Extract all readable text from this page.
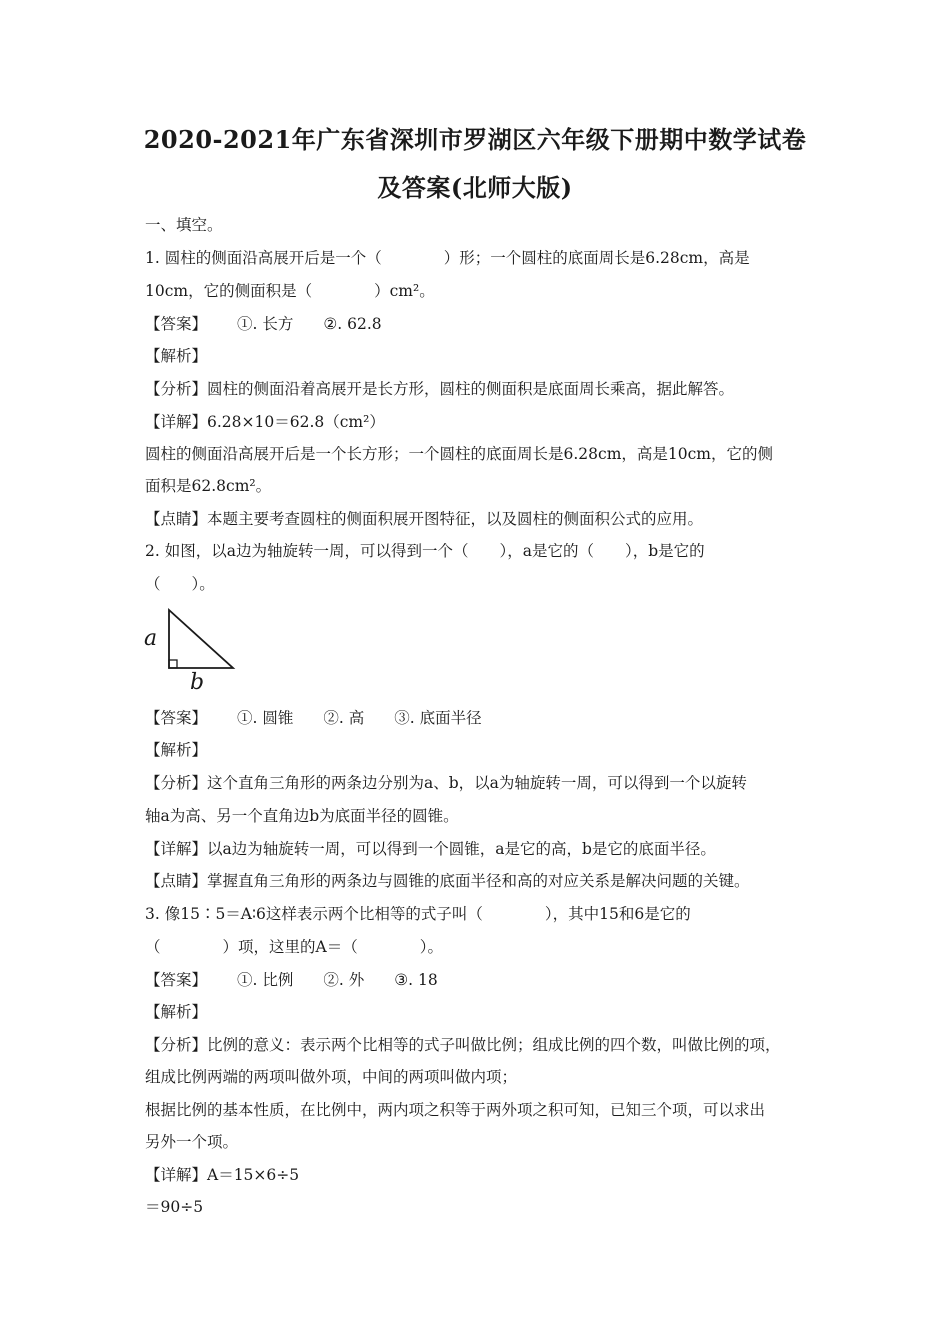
2020-2021年广东省深圳市罗湖区六年级下册期中数学试卷
及答案(北师大版)
一、填空。
1. 圆柱的侧面沿高展开后是一个（　　　　）形；一个圆柱的底面周长是6.28cm，高是
10cm，它的侧面积是（　　　　）cm²。
【答案】 ①. 长方 ②. 62.8
【解析】
【分析】圆柱的侧面沿着高展开是长方形，圆柱的侧面积是底面周长乘高，据此解答。
【详解】6.28×10＝62.8（cm²）
圆柱的侧面沿高展开后是一个长方形；一个圆柱的底面周长是6.28cm，高是10cm，它的侧
面积是62.8cm²。
【点睛】本题主要考查圆柱的侧面积展开图特征，以及圆柱的侧面积公式的应用。
2. 如图，以a边为轴旋转一周，可以得到一个（　　），a是它的（　　），b是它的
（　　）。
a
b
【答案】 ①. 圆锥 ②. 高 ③. 底面半径
【解析】
【分析】这个直角三角形的两条边分别为a、b，以a为轴旋转一周，可以得到一个以旋转
轴a为高、另一个直角边b为底面半径的圆锥。
【详解】以a边为轴旋转一周，可以得到一个圆锥，a是它的高，b是它的底面半径。
【点睛】掌握直角三角形的两条边与圆锥的底面半径和高的对应关系是解决问题的关键。
3. 像15∶5＝A∶6这样表示两个比相等的式子叫（　　　　），其中15和6是它的
（　　　　）项，这里的A＝（　　　　）。
【答案】 ①. 比例 ②. 外 ③. 18
【解析】
【分析】比例的意义：表示两个比相等的式子叫做比例；组成比例的四个数，叫做比例的项，
组成比例两端的两项叫做外项，中间的两项叫做内项；
根据比例的基本性质，在比例中，两内项之积等于两外项之积可知，已知三个项，可以求出
另外一个项。
【详解】A＝15×6÷5
＝90÷5
